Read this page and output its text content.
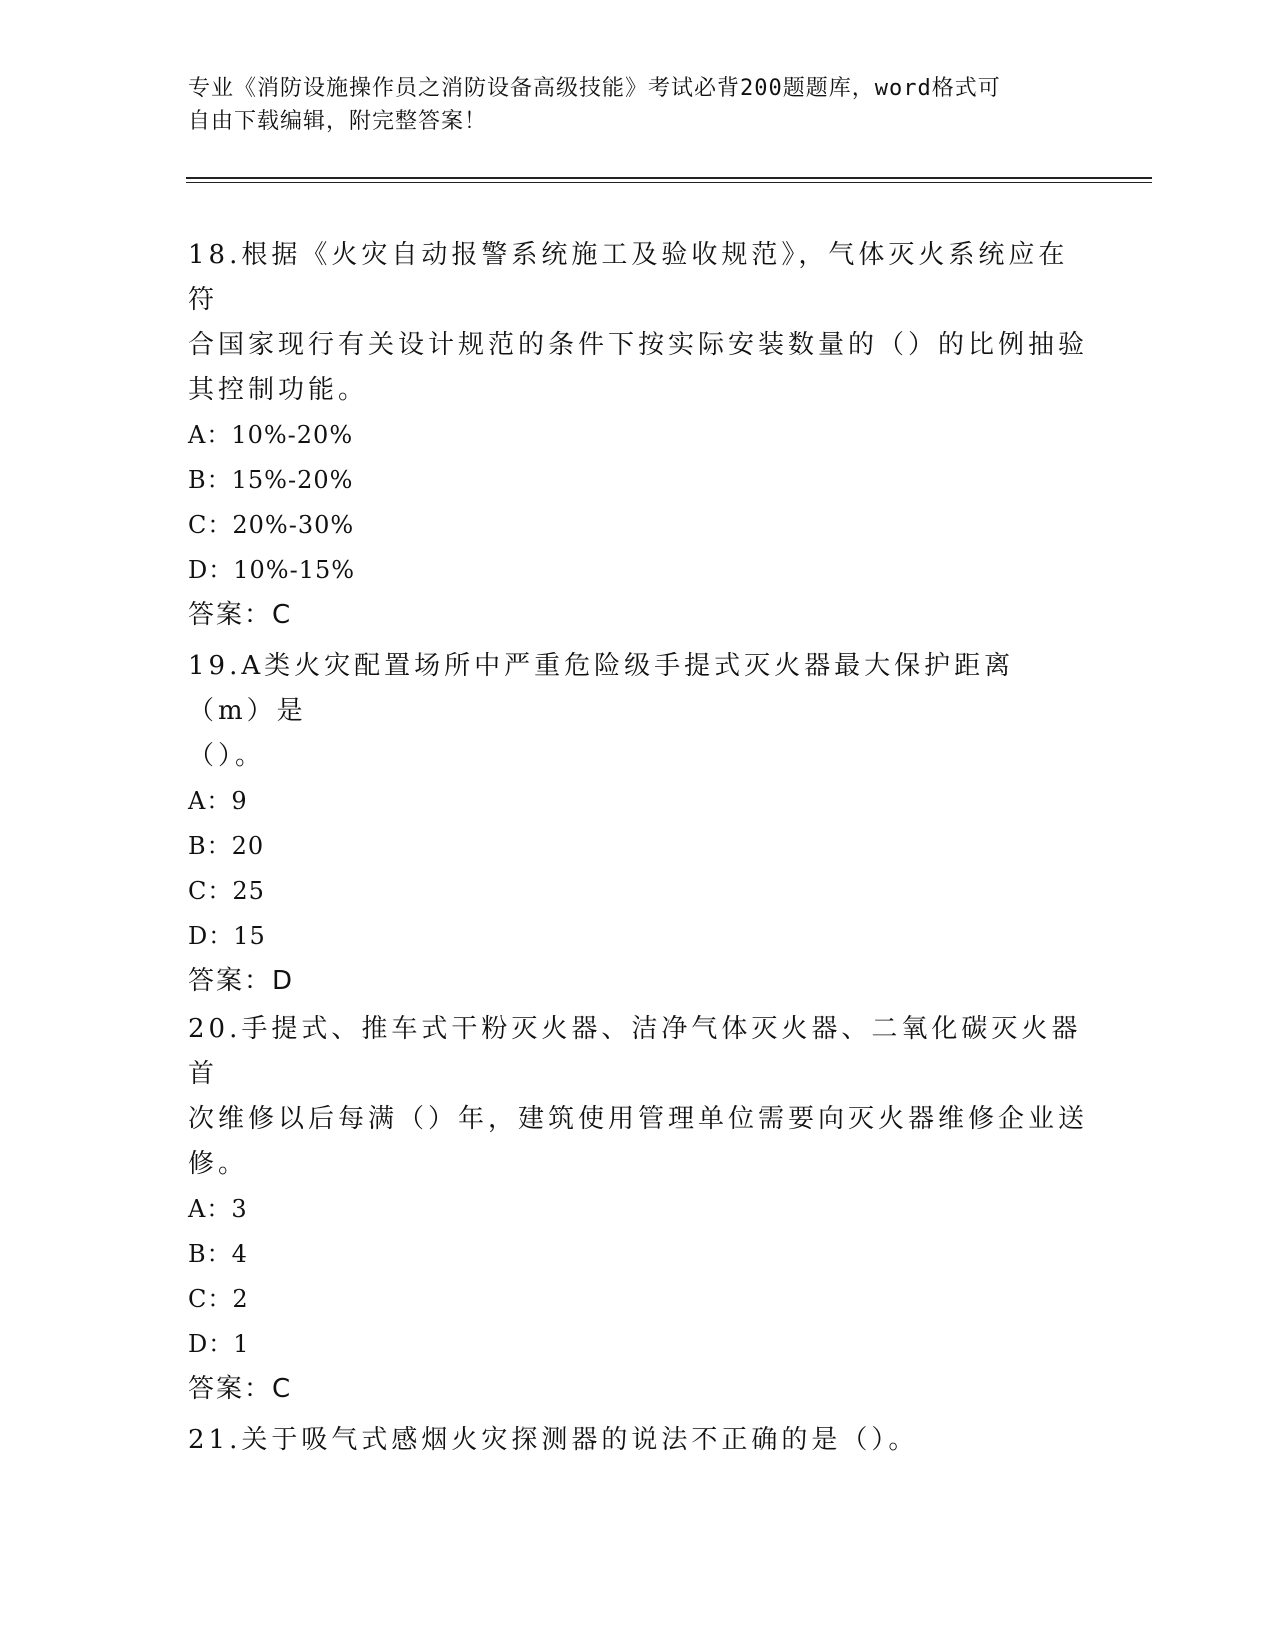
专业《消防设施操作员之消防设备高级技能》考试必背200题题库，word格式可
自由下载编辑，附完整答案！
18.根据《火灾自动报警系统施工及验收规范》，气体灭火系统应在符
合国家现行有关设计规范的条件下按实际安装数量的（）的比例抽验
其控制功能。
A：10%-20%
B：15%-20%
C：20%-30%
D：10%-15%
答案：C
19.A类火灾配置场所中严重危险级手提式灭火器最大保护距离（m）是
（）。
A：9
B：20
C：25
D：15
答案：D
20.手提式、推车式干粉灭火器、洁净气体灭火器、二氧化碳灭火器首
次维修以后每满（）年，建筑使用管理单位需要向灭火器维修企业送
修。
A：3
B：4
C：2
D：1
答案：C
21.关于吸气式感烟火灾探测器的说法不正确的是（）。
